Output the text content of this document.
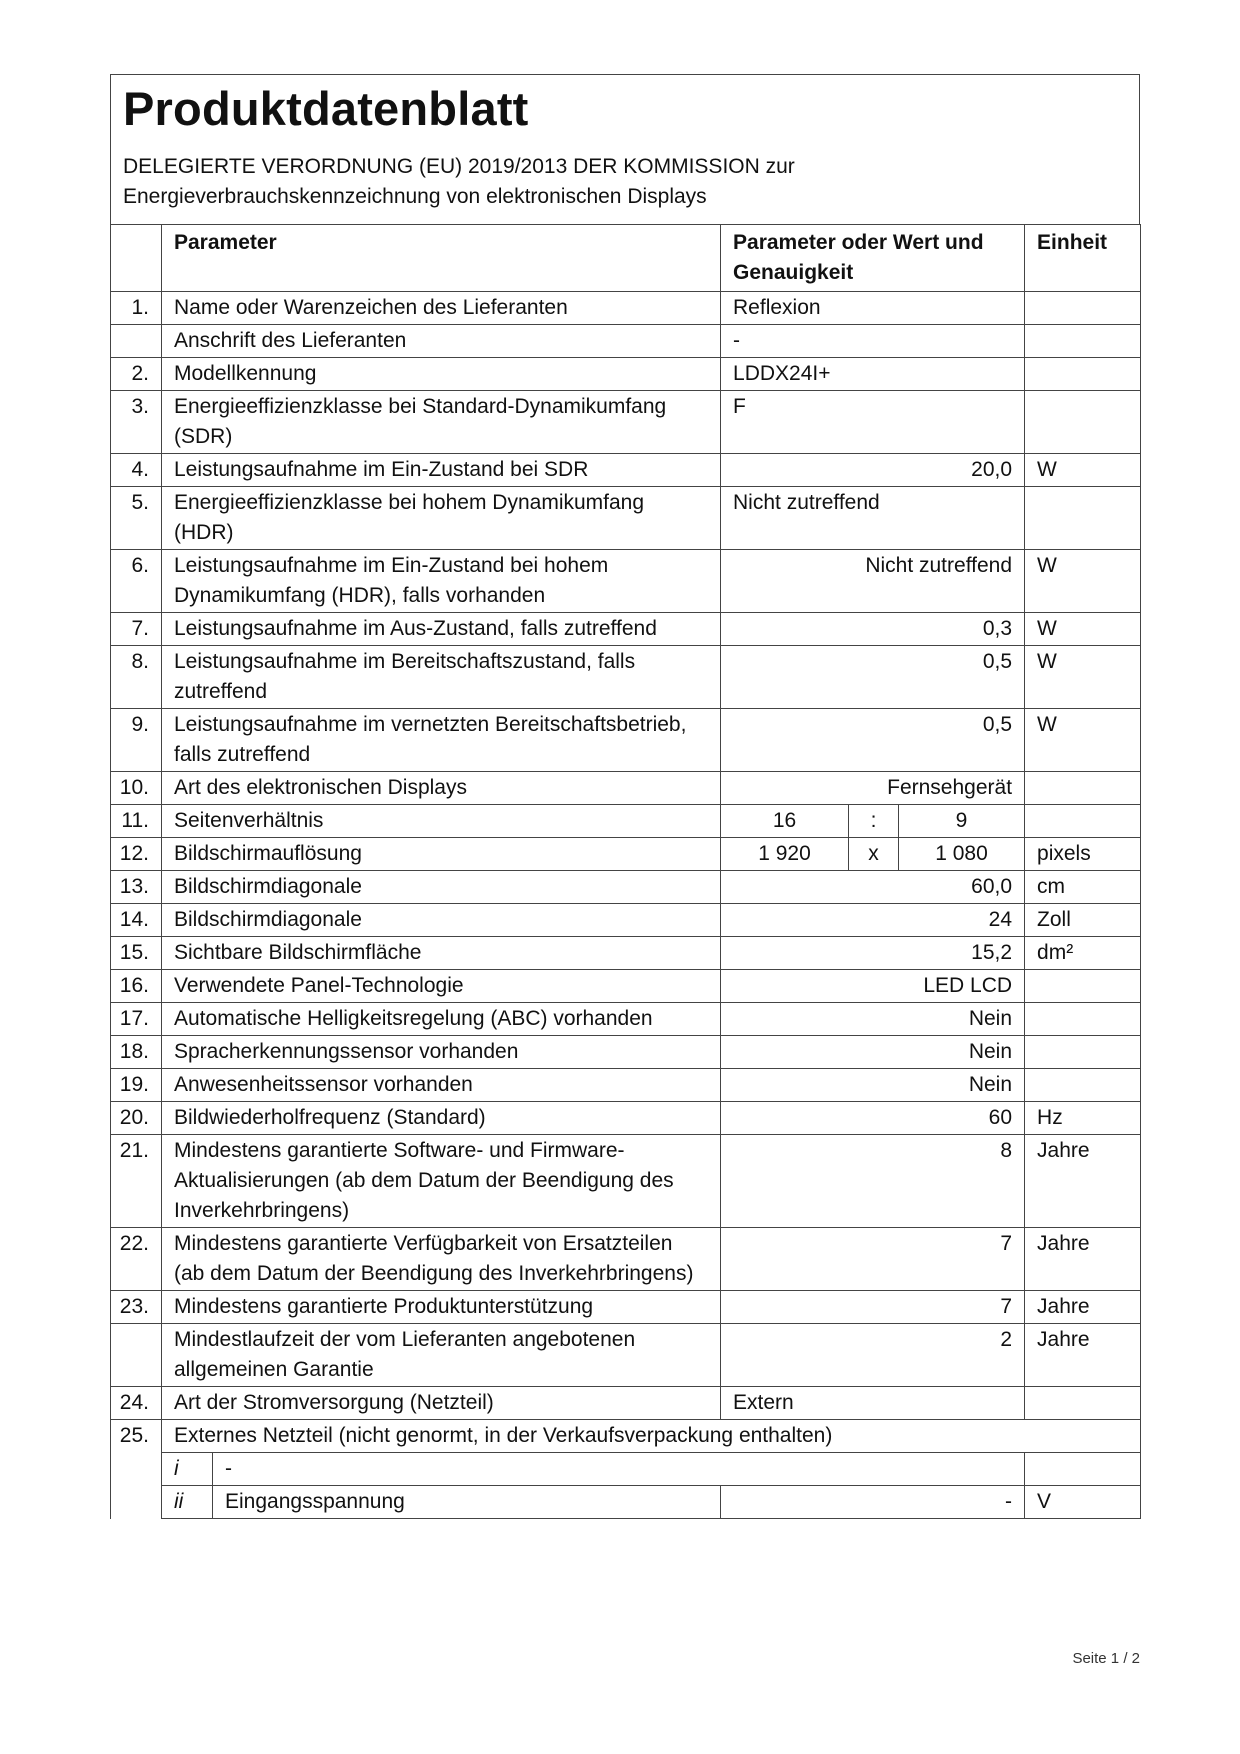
Produktdatenblatt
DELEGIERTE VERORDNUNG (EU) 2019/2013 DER KOMMISSION zur
Energieverbrauchskennzeichnung von elektronischen Displays
	Parameter		Parameter oder Wert und Genauigkeit			Einheit
1.	Name oder Warenzeichen des Lieferanten		Reflexion			
	Anschrift des Lieferanten		-			
2.	Modellkennung		LDDX24I+			
3.	Energieeffizienzklasse bei Standard-Dynamikumfang (SDR)		F			
4.	Leistungsaufnahme im Ein-Zustand bei SDR		20,0			W
5.	Energieeffizienzklasse bei hohem Dynamikumfang (HDR)		Nicht zutreffend			
6.	Leistungsaufnahme im Ein-Zustand bei hohem Dynamikumfang (HDR), falls vorhanden		Nicht zutreffend			W
7.	Leistungsaufnahme im Aus-Zustand, falls zutreffend		0,3			W
8.	Leistungsaufnahme im Bereitschaftszustand, falls zutreffend		0,5			W
9.	Leistungsaufnahme im vernetzten Bereitschaftsbetrieb, falls zutreffend		0,5			W
10.	Art des elektronischen Displays		Fernsehgerät			
11.	Seitenverhältnis		16	:	9	
12.	Bildschirmauflösung		1 920	x	1 080	pixels
13.	Bildschirmdiagonale		60,0			cm
14.	Bildschirmdiagonale		24			Zoll
15.	Sichtbare Bildschirmfläche		15,2			dm²
16.	Verwendete Panel-Technologie		LED LCD			
17.	Automatische Helligkeitsregelung (ABC) vorhanden		Nein			
18.	Spracherkennungssensor vorhanden		Nein			
19.	Anwesenheitssensor vorhanden		Nein			
20.	Bildwiederholfrequenz (Standard)		60			Hz
21.	Mindestens garantierte Software- und Firmware-Aktualisierungen (ab dem Datum der Beendigung des Inverkehrbringens)		8			Jahre
22.	Mindestens garantierte Verfügbarkeit von Ersatzteilen (ab dem Datum der Beendigung des Inverkehrbringens)		7			Jahre
23.	Mindestens garantierte Produktunterstützung		7			Jahre
	Mindestlaufzeit der vom Lieferanten angebotenen allgemeinen Garantie		2			Jahre
24.	Art der Stromversorgung (Netzteil)		Extern			
25.	Externes Netzteil (nicht genormt, in der Verkaufsverpackung enthalten)					
	i	-				
	ii	Eingangsspannung	-			V
Seite 1 / 2
